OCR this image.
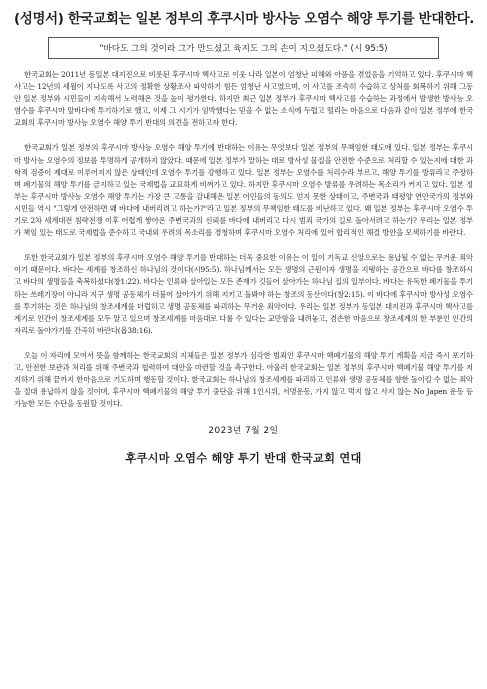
(성명서) 한국교회는 일본 정부의 후쿠시마 방사능 오염수 해양 투기를 반대한다.
"바다도 그의 것이라 그가 만드셨고 육지도 그의 손이 지으셨도다." (시 95:5)

한국교회는 2011년 동일본 대지진으로 비롯된 후쿠시마 핵사고로 이웃 나라 일본이 엄청난 피해와 아픔을 겪었음을 기억하고 있다. 후쿠시마 핵사고는 12년의 세월이 지나도록 사고의 정확한 상황조사 파악하기 힘든 엄청난 사고였으며, 이 사고를 조속히 수습하고 상처를 회복하기 위해 그동안 일본 정부와 시민들이 지속해서 노력해온 것을 높이 평가한다. 하지만 최근 일본 정부가 후쿠시마 핵사고를 수습하는 과정에서 발생한 방사능 오염수를 후쿠시마 앞바다에 투기하기로 했고, 이제 그 시기가 임박했다는 믿을 수 없는 소식에 두렵고 떨리는 마음으로 다음과 같이 일본 정부에 한국교회의 후쿠시마 방사능 오염수 해양 투기 반대의 의견을 전하고자 한다.

한국교회가 일본 정부의 후쿠시마 방사능 오염수 해양 투기에 반대하는 이유는 무엇보다 일본 정부의 무책임한 태도에 있다. 일본 정부는 후쿠시마 방사능 오염수의 정보를 투명하게 공개하지 않았다. 때문에 일본 정부가 말하는 대로 방사성 물질을 안전한 수준으로 처리할 수 있는지에 대한 과학적 검증이 제대로 이루어지지 않은 상태인데 오염수 투기를 강행하고 있다. 일본 정부는 오염수를 처리수라 부르고, 해양 투기를 방류라고 주장하며 폐기물의 해양 투기를 금지하고 있는 국제법을 교묘하게 비껴가고 있다. 하지만 후쿠시마 오염수 방류를 우려하는 목소리가 커지고 있다. 일본 정부는 후쿠시마 방사능 오염수 해양 투기는 가장 큰 고통을 감내해온 일본 어민들의 동의도 얻지 못한 상태이고, 주변국과 태평양 연안국가의 정부와 시민들 역시 "그렇게 안전하면 왜 바다에 내버리려고 하는가?"라고 일본 정부의 무책임한 태도를 비난하고 있다. 왜 일본 정부는 후쿠시마 오염수 투기로 2차 세계대전 침략전쟁 이후 어렵게 쌓아온 주변국과의 신뢰를 바다에 내버리고 다시 범죄 국가의 길로 돌아서려고 하는가? 우리는 일본 정부가 책임 있는 태도로 국제법을 준수하고 국내외 우려의 목소리를 경청하며 후쿠시마 오염수 처리에 있어 합리적인 해결 방안을 모색하기를 바란다.

또한 한국교회가 일본 정부의 후쿠시마 오염수 해양 투기를 반대하는 더욱 중요한 이유는 이 일이 기독교 신앙으로는 용납될 수 없는 무거운 죄악이기 때문이다. 바다는 세계를 창조하신 하나님의 것이다(시95:5). 하나님께서는 모든 생명의 근원이자 생명을 지탱하는 공간으로 바다를 창조하시고 바다의 생명들을 축복하셨다(창1:22). 바다는 인류와 살아있는 모든 존재가 깃들어 살아가는 하나님 집의 일부이다. 바다는 유독한 폐기물을 투기하는 쓰레기장이 아니라 지구 생명 공동체가 더불어 살아가기 위해 지키고 돌봐야 하는 창조의 동산이다(창2:15). 이 바다에 후쿠시마 방사성 오염수를 투기하는 것은 하나님의 창조세계를 더럽히고 생명 공동체를 파괴하는 무거운 죄악이다. 우리는 일본 정부가 동일본 대지진과 후쿠시마 핵사고를 계기로 인간이 창조세계를 모두 알고 있으며 창조세계를 마음대로 다룰 수 있다는 교만함을 내려놓고, 겸손한 마음으로 창조세계의 한 부분인 인간의 자리로 돌아가기를 간곡히 바란다(욥38:16).

오늘 이 자리에 모여서 뜻을 함께하는 한국교회의 지체들은 일본 정부가 심각한 범죄인 후쿠시마 핵폐기물의 해양 투기 계획을 지금 즉시 포기하고, 안전한 보관과 처리를 위해 주변국과 협력하여 대안을 마련할 것을 촉구한다. 아울러 한국교회는 일본 정부의 후쿠시마 핵폐기물 해양 투기를 저지하기 위해 끝까지 한마음으로 기도하며 행동할 것이다. 한국교회는 하나님의 창조세계를 파괴하고 인류와 생명 공동체를 향한 돌이킬 수 없는 죄악을 절대 용납하지 않을 것이며, 후쿠시마 핵폐기물의 해양 투기 중단을 위해 1인시위, 서명운동, 가지 않고 먹지 않고 사지 않는 No Japen 운동 등 가능한 모든 수단을 동원할 것이다.

2023년 7월 2일
후쿠시마 오염수 해양 투기 반대 한국교회 연대
